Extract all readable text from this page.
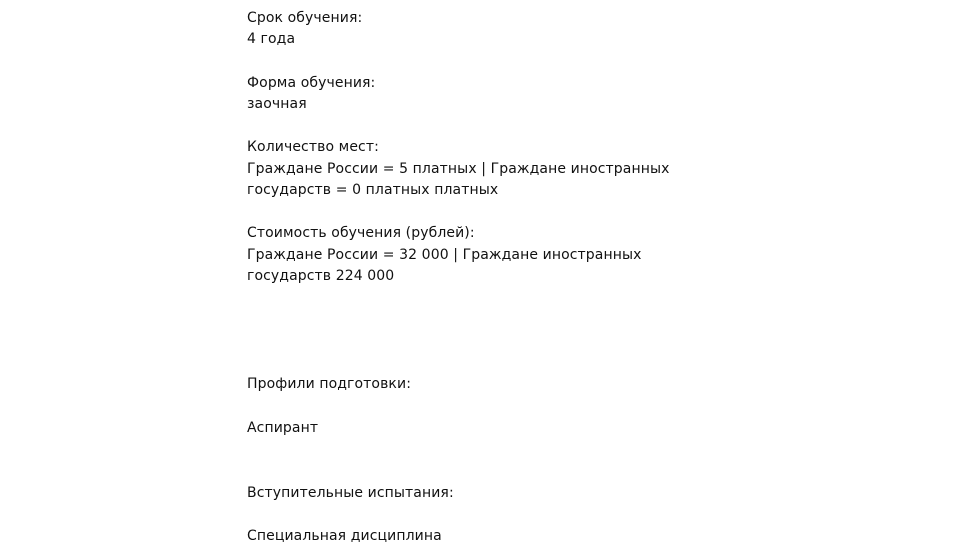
Срок обучения:
4 года
Форма обучения:
заочная
Количество мест:
Граждане России = 5 платных | Граждане иностранных
государств = 0 платных платных
Стоимость обучения (рублей):
Граждане России = 32 000 | Граждане иностранных
государств 224 000
Профили подготовки:
Аспирант
Вступительные испытания:
Специальная дисциплина
